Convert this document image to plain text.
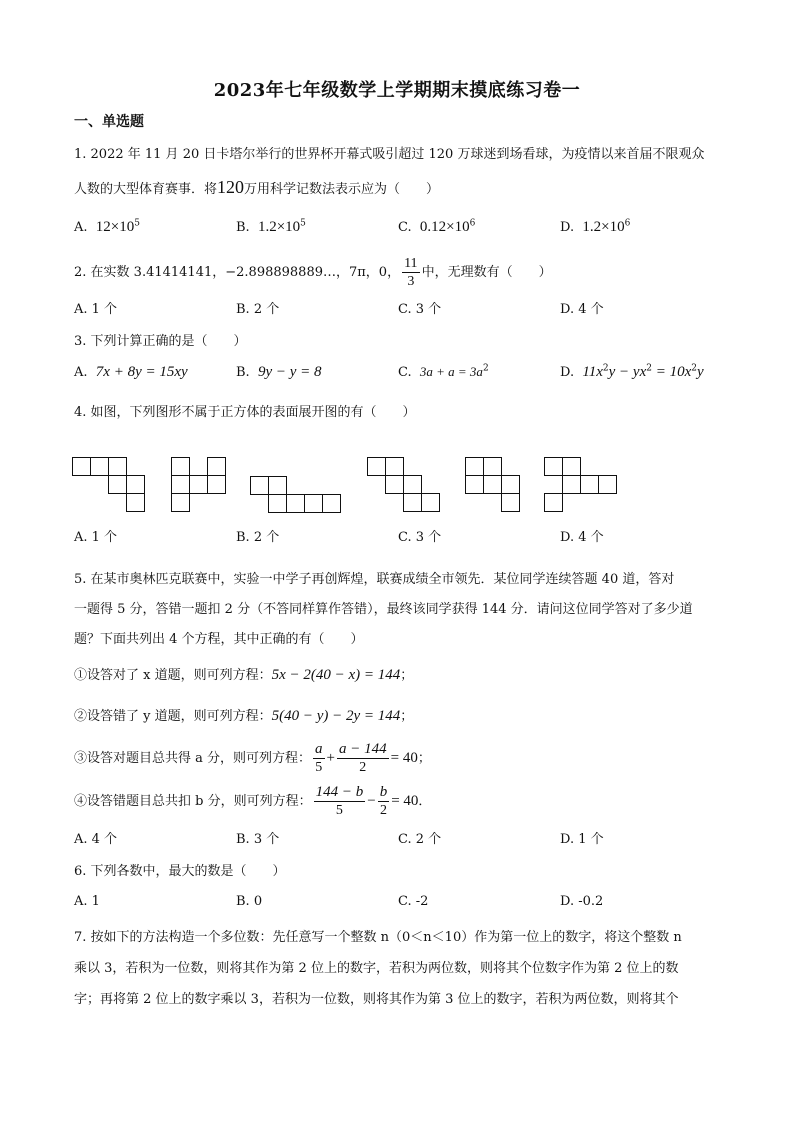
2023年七年级数学上学期期末摸底练习卷一
一、单选题
1. 2022 年 11 月 20 日卡塔尔举行的世界杯开幕式吸引超过 120 万球迷到场看球，为疫情以来首届不限观众
人数的大型体育赛事．将120万用科学记数法表示应为（　　）
A. $12\times 10^5$	B. $1.2\times 10^5$	C. $0.12\times 10^6$	D. $1.2\times 10^6$
2. 在实数 3.41414141，−2.898898889…，7π，0， $\frac{11}{3}$ 中，无理数有（　　）
A. 1 个	B. 2 个	C. 3 个	D. 4 个
3. 下列计算正确的是（　　）
A. 7x + 8y = 15xy	B. 9y − y = 8	C. $3a + a = 3a^2$	D. $11x^2y - yx^2 = 10x^2y$
4. 如图，下列图形不属于正方体的表面展开图的有（　　）
A. 1 个	B. 2 个	C. 3 个	D. 4 个
5. 在某市奥林匹克联赛中，实验一中学子再创辉煌，联赛成绩全市领先．某位同学连续答题 40 道，答对
一题得 5 分，答错一题扣 2 分（不答同样算作答错），最终该同学获得 144 分．请问这位同学答对了多少道
题？下面共列出 4 个方程，其中正确的有（　　）
①设答对了 x 道题，则可列方程：5x − 2(40 − x) = 144；
②设答错了 y 道题，则可列方程：5(40 − y) − 2y = 144；
③设答对题目总共得 a 分，则可列方程： $\frac{a}{5} + \frac{a - 144}{2} = 40$；
④设答错题目总共扣 b 分，则可列方程： $\frac{144 - b}{5} - \frac{b}{2} = 40$．
A. 4 个	B. 3 个	C. 2 个	D. 1 个
6. 下列各数中，最大的数是（　　）
A. 1	B. 0	C. -2	D. -0.2
7. 按如下的方法构造一个多位数：先任意写一个整数 n（0＜n＜10）作为第一位上的数字，将这个整数 n
乘以 3，若积为一位数，则将其作为第 2 位上的数字，若积为两位数，则将其个位数字作为第 2 位上的数
字；再将第 2 位上的数字乘以 3，若积为一位数，则将其作为第 3 位上的数字，若积为两位数，则将其个
